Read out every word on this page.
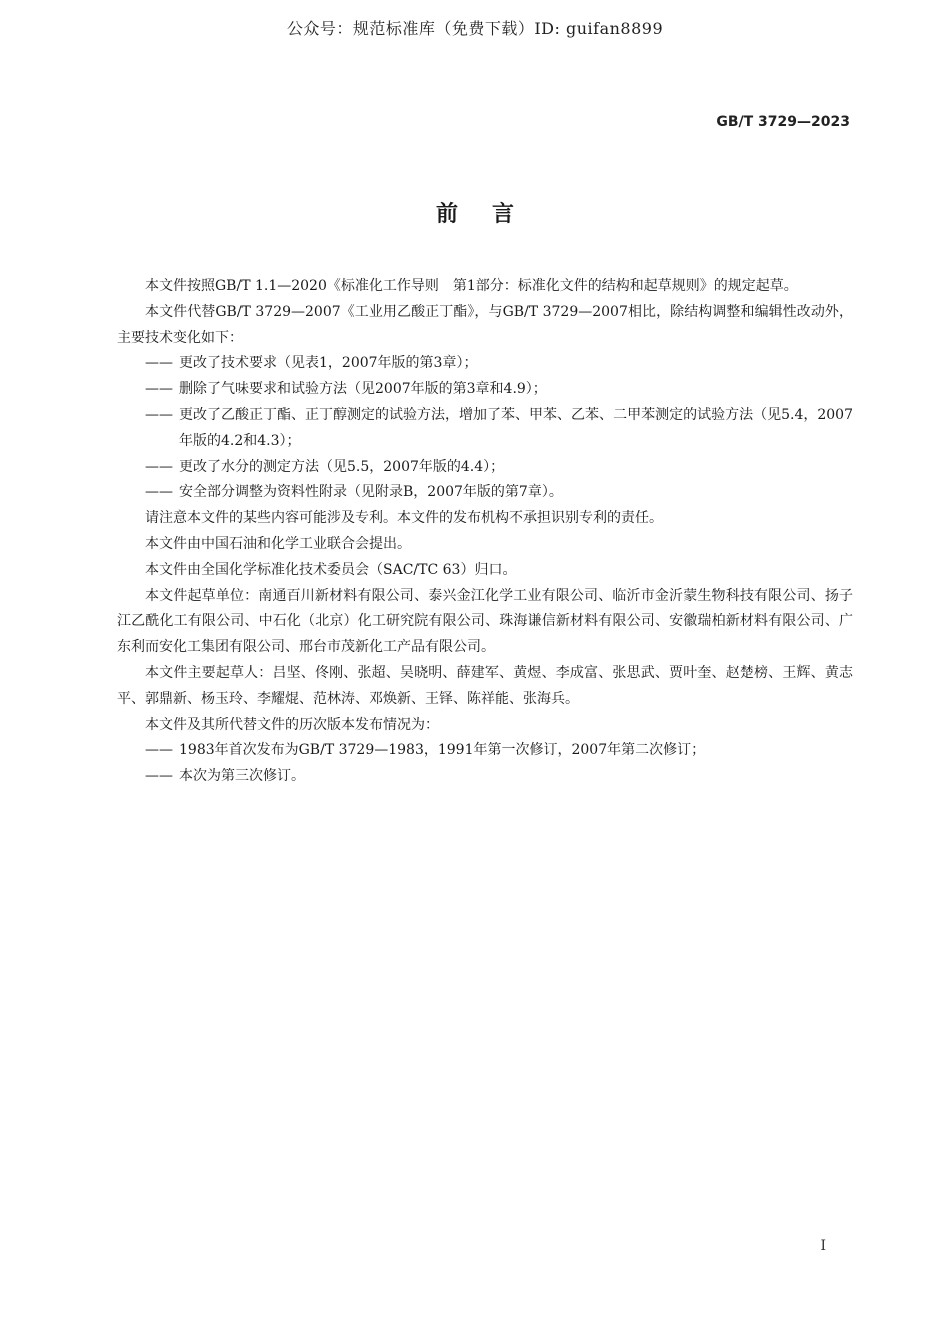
公众号：规范标准库（免费下载）ID: guifan8899
GB/T 3729—2023
前言

本文件按照GB/T 1.1—2020《标准化工作导则　第1部分：标准化文件的结构和起草规则》的规定起草。

本文件代替GB/T 3729—2007《工业用乙酸正丁酯》，与GB/T 3729—2007相比，除结构调整和编辑性改动外，主要技术变化如下：

—— 更改了技术要求（见表1，2007年版的第3章）；

—— 删除了气味要求和试验方法（见2007年版的第3章和4.9）；

—— 更改了乙酸正丁酯、正丁醇测定的试验方法，增加了苯、甲苯、乙苯、二甲苯测定的试验方法（见5.4，2007年版的4.2和4.3）；

—— 更改了水分的测定方法（见5.5，2007年版的4.4）；

—— 安全部分调整为资料性附录（见附录B，2007年版的第7章）。

请注意本文件的某些内容可能涉及专利。本文件的发布机构不承担识别专利的责任。

本文件由中国石油和化学工业联合会提出。

本文件由全国化学标准化技术委员会（SAC/TC 63）归口。

本文件起草单位：南通百川新材料有限公司、泰兴金江化学工业有限公司、临沂市金沂蒙生物科技有限公司、扬子江乙酰化工有限公司、中石化（北京）化工研究院有限公司、珠海谦信新材料有限公司、安徽瑞柏新材料有限公司、广东利而安化工集团有限公司、邢台市茂新化工产品有限公司。

本文件主要起草人：吕坚、佟刚、张超、吴晓明、薛建军、黄煜、李成富、张思武、贾叶奎、赵楚榜、王辉、黄志平、郭鼎新、杨玉玲、李耀焜、范林涛、邓焕新、王铎、陈祥能、张海兵。

本文件及其所代替文件的历次版本发布情况为：

—— 1983年首次发布为GB/T 3729—1983，1991年第一次修订，2007年第二次修订；

—— 本次为第三次修订。

I
